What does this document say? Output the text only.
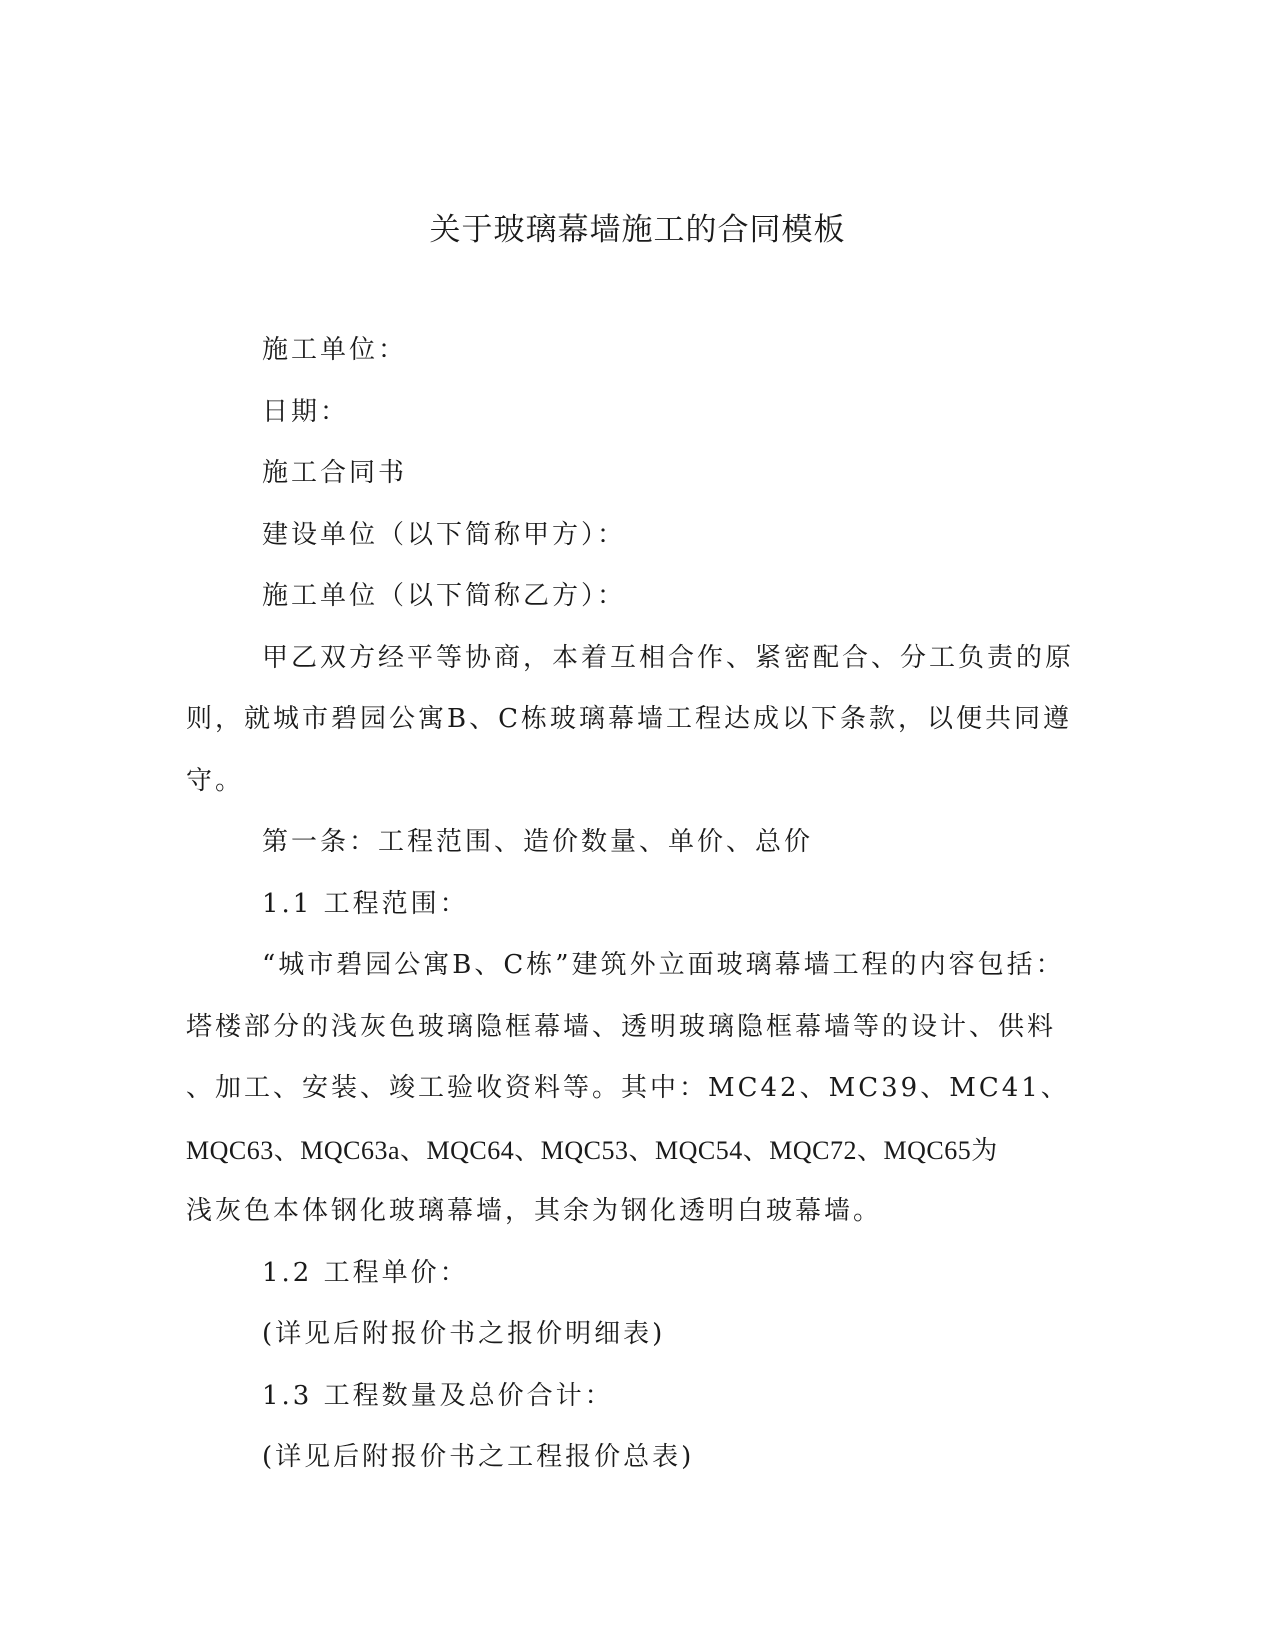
关于玻璃幕墙施工的合同模板

施工单位：

日期：

施工合同书

建设单位（以下简称甲方）：

施工单位（以下简称乙方）：

甲乙双方经平等协商，本着互相合作、紧密配合、分工负责的原则，就城市碧园公寓B、C栋玻璃幕墙工程达成以下条款，以便共同遵守。

第一条：工程范围、造价数量、单价、总价

1.1 工程范围：

“城市碧园公寓B、C栋”建筑外立面玻璃幕墙工程的内容包括：

塔楼部分的浅灰色玻璃隐框幕墙、透明玻璃隐框幕墙等的设计、供料

、加工、安装、竣工验收资料等。其中：MC42、MC39、MC41、

MQC63、MQC63a、MQC64、MQC53、MQC54、MQC72、MQC65为

浅灰色本体钢化玻璃幕墙，其余为钢化透明白玻幕墙。

1.2 工程单价：

(详见后附报价书之报价明细表)

1.3 工程数量及总价合计：

(详见后附报价书之工程报价总表)
